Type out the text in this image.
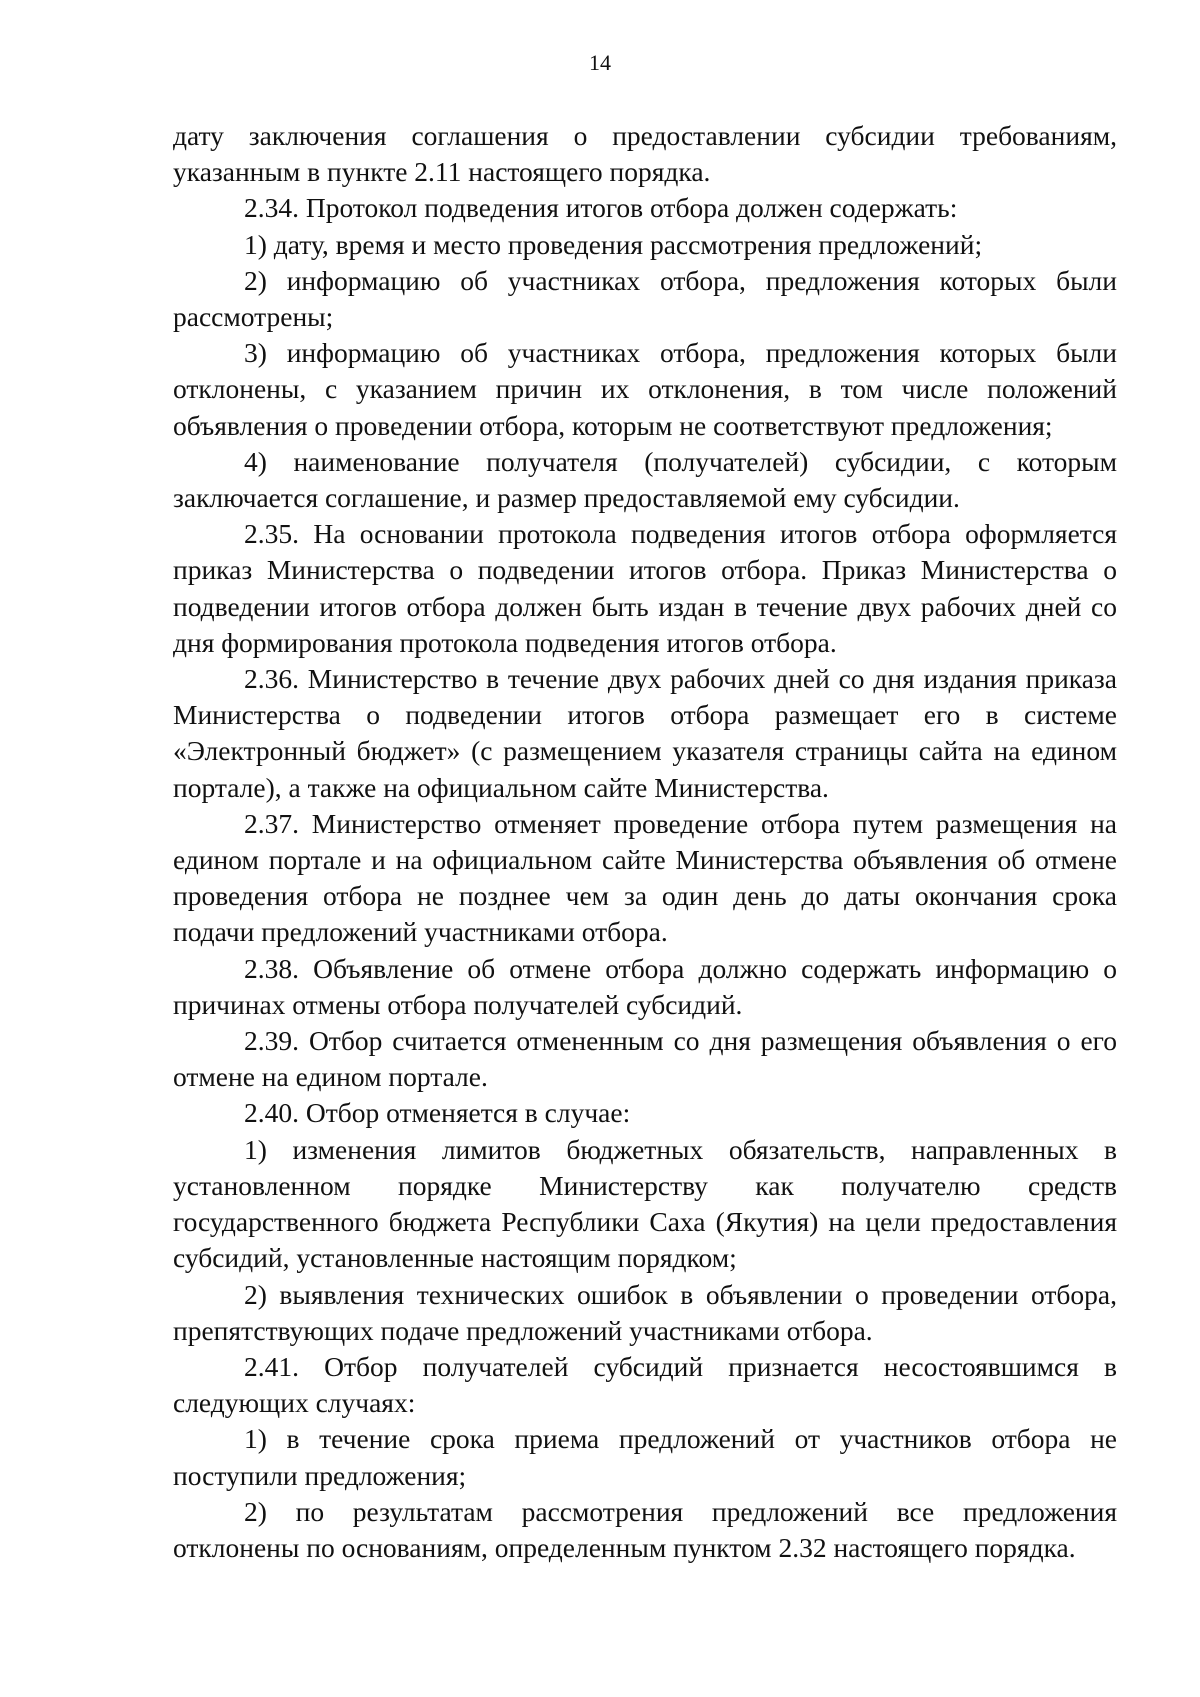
14

дату заключения соглашения о предоставлении субсидии требованиям, указанным в пункте 2.11 настоящего порядка.

2.34. Протокол подведения итогов отбора должен содержать:

1) дату, время и место проведения рассмотрения предложений;

2) информацию об участниках отбора, предложения которых были рассмотрены;

3) информацию об участниках отбора, предложения которых были отклонены, с указанием причин их отклонения, в том числе положений объявления о проведении отбора, которым не соответствуют предложения;

4) наименование получателя (получателей) субсидии, с которым заключается соглашение, и размер предоставляемой ему субсидии.

2.35. На основании протокола подведения итогов отбора оформляется приказ Министерства о подведении итогов отбора. Приказ Министерства о подведении итогов отбора должен быть издан в течение двух рабочих дней со дня формирования протокола подведения итогов отбора.

2.36. Министерство в течение двух рабочих дней со дня издания приказа Министерства о подведении итогов отбора размещает его в системе «Электронный бюджет» (с размещением указателя страницы сайта на едином портале), а также на официальном сайте Министерства.

2.37. Министерство отменяет проведение отбора путем размещения на едином портале и на официальном сайте Министерства объявления об отмене проведения отбора не позднее чем за один день до даты окончания срока подачи предложений участниками отбора.

2.38. Объявление об отмене отбора должно содержать информацию о причинах отмены отбора получателей субсидий.

2.39. Отбор считается отмененным со дня размещения объявления о его отмене на едином портале.

2.40. Отбор отменяется в случае:

1) изменения лимитов бюджетных обязательств, направленных в установленном порядке Министерству как получателю средств государственного бюджета Республики Саха (Якутия) на цели предоставления субсидий, установленные настоящим порядком;

2) выявления технических ошибок в объявлении о проведении отбора, препятствующих подаче предложений участниками отбора.

2.41. Отбор получателей субсидий признается несостоявшимся в следующих случаях:

1) в течение срока приема предложений от участников отбора не поступили предложения;

2) по результатам рассмотрения предложений все предложения отклонены по основаниям, определенным пунктом 2.32 настоящего порядка.
